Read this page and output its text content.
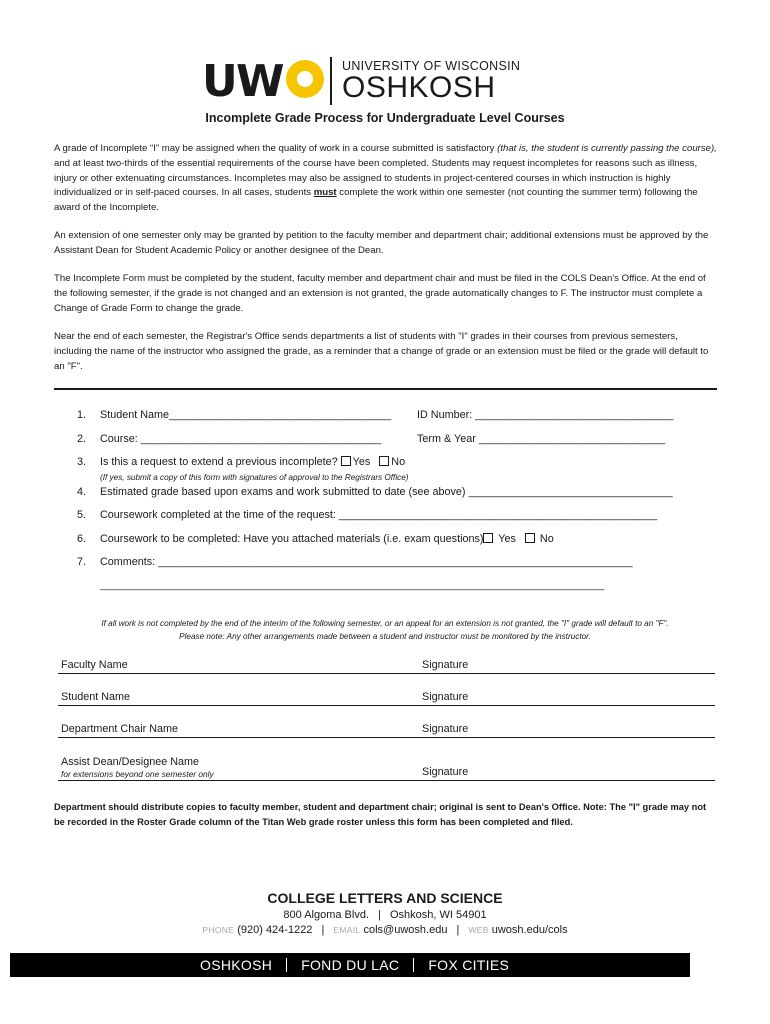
U W	UNIVERSITY OF WISCONSIN
OSHKOSH
Incomplete Grade Process for Undergraduate Level Courses
A grade of Incomplete “I” may be assigned when the quality of work in a course submitted is satisfactory (that is, the student is currently passing the course), and at least two-thirds of the essential requirements of the course have been completed. Students may request incompletes for reasons such as illness, injury or other extenuating circumstances. Incompletes may also be assigned to students in project-centered courses in which instruction is highly individualized or in self-paced courses. In all cases, students must complete the work within one semester (not counting the summer term) following the award of the Incomplete.
An extension of one semester only may be granted by petition to the faculty member and department chair; additional extensions must be approved by the Assistant Dean for Student Academic Policy or another designee of the Dean.
The Incomplete Form must be completed by the student, faculty member and department chair and must be filed in the COLS Dean's Office. At the end of the following semester, if the grade is not changed and an extension is not granted, the grade automatically changes to F. The instructor must complete a Change of Grade Form to change the grade.
Near the end of each semester, the Registrar's Office sends departments a list of students with "I" grades in their courses from previous semesters, including the name of the instructor who assigned the grade, as a reminder that a change of grade or an extension must be filed or the grade will default to an "F".
1. Student Name_____________________________________ ID Number: _________________________________
2. Course: ________________________________________	Term & Year _______________________________
3. Is this a request to extend a previous incomplete? Yes No
(If yes, submit a copy of this form with signatures of approval to the Registrars Office)
4. Estimated grade based upon exams and work submitted to date (see above) __________________________________
5. Coursework completed at the time of the request: _____________________________________________________
6. Coursework to be completed: Have you attached materials (i.e. exam questions) Yes No
7. Comments: _______________________________________________________________________________
_________________________________________________________________________________________
If all work is not completed by the end of the interim of the following semester, or an appeal for an extension is not granted, the "I" grade will default to an "F".
Please note: Any other arrangements made between a student and instructor must be monitored by the instructor.
Faculty Name	Signature
Student Name	Signature
Department Chair Name	Signature
Assist Dean/Designee Name
for extensions beyond one semester only	Signature
Department should distribute copies to faculty member, student and department chair; original is sent to Dean's Office. Note: The "I" grade may not be recorded in the Roster Grade column of the Titan Web grade roster unless this form has been completed and filed.
COLLEGE LETTERS AND SCIENCE
800 Algoma Blvd. | Oshkosh, WI 54901
PHONE (920) 424-1222 | EMAIL cols@uwosh.edu | WEB uwosh.edu/cols
OSHKOSH FOND DU LAC FOX CITIES
